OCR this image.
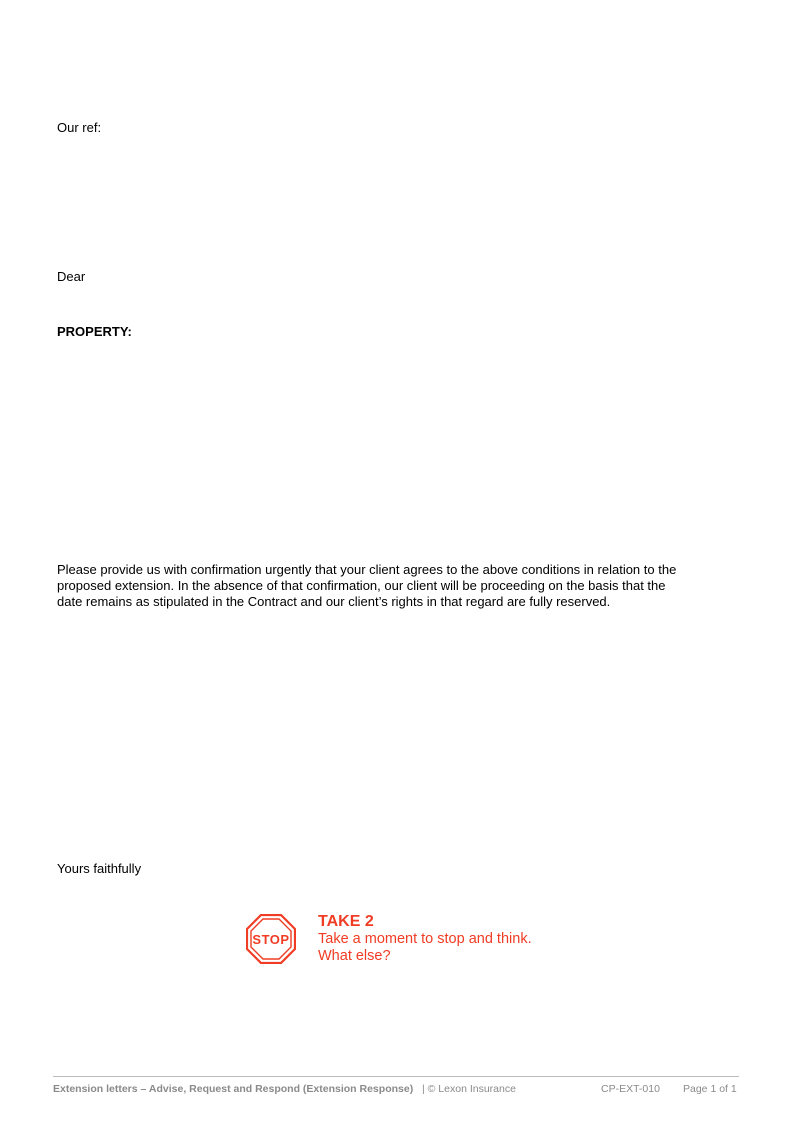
Our ref:
Dear
PROPERTY:
Please provide us with confirmation urgently that your client agrees to the above conditions in relation to the
proposed extension. In the absence of that confirmation, our client will be proceeding on the basis that the
date remains as stipulated in the Contract and our client’s rights in that regard are fully reserved.
Yours faithfully
STOP
TAKE 2
Take a moment to stop and think.
What else?
Extension letters – Advise, Request and Respond (Extension Response) | © Lexon Insurance	CP-EXT-010 Page 1 of 1
